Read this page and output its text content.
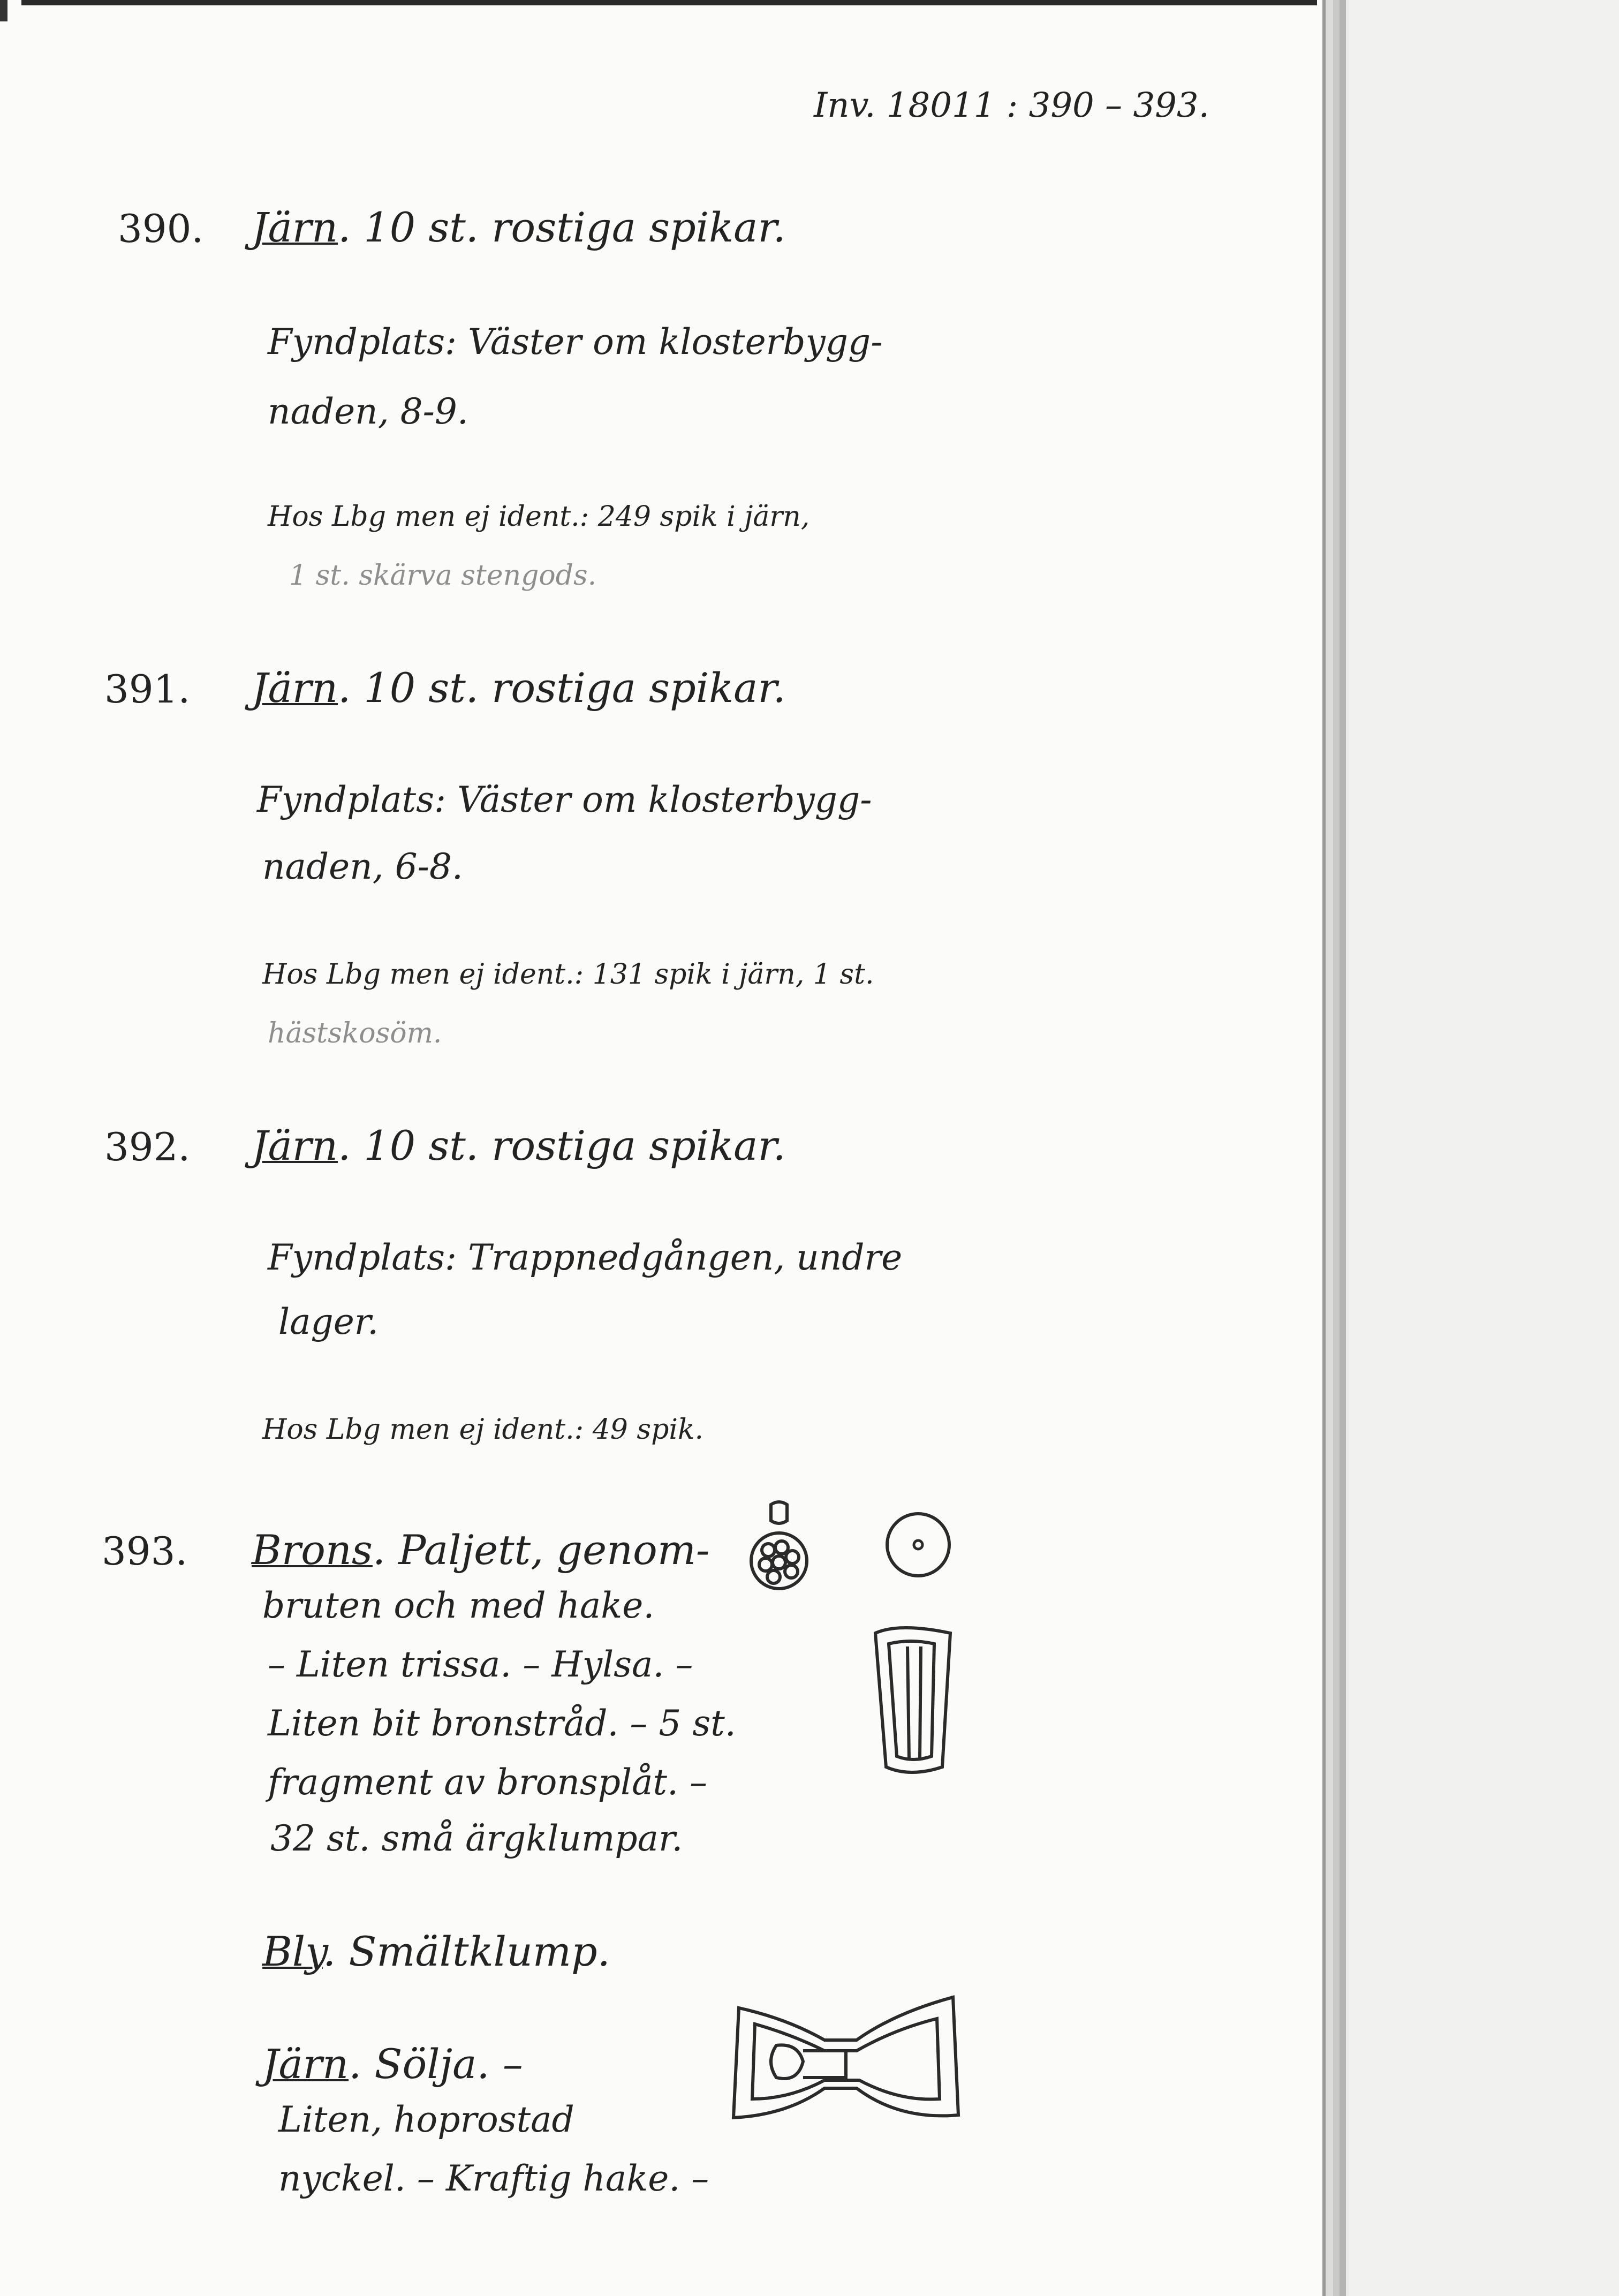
Inv. 18011 : 390 – 393.
390. Järn. 10 st. rostiga spikar.
Fyndplats: Väster om klosterbygg-
naden, 8-9.
Hos Lbg men ej ident.: 249 spik i järn,
1 st. skärva stengods.
391. Järn. 10 st. rostiga spikar.
Fyndplats: Väster om klosterbygg-
naden, 6-8.
Hos Lbg men ej ident.: 131 spik i järn, 1 st.
hästskosöm.
392. Järn. 10 st. rostiga spikar.
Fyndplats: Trappnedgången, undre
lager.
Hos Lbg men ej ident.: 49 spik.
393. Brons. Paljett, genom-
bruten och med hake.
– Liten trissa. – Hylsa. –
Liten bit bronstråd. – 5 st.
fragment av bronsplåt. –
32 st. små ärgklumpar.
Bly. Smältklump.
Järn. Sölja. –
Liten, hoprostad
nyckel. – Kraftig hake. –
